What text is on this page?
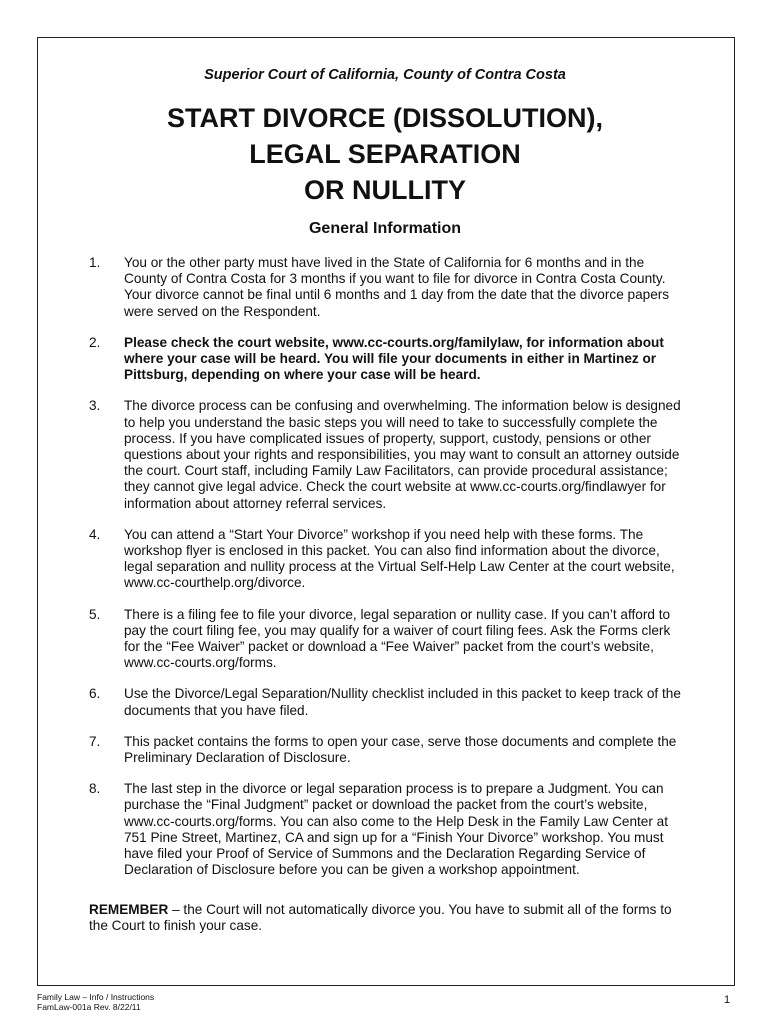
Superior Court of California, County of Contra Costa
START DIVORCE (DISSOLUTION),
LEGAL SEPARATION
OR NULLITY
General Information
1. You or the other party must have lived in the State of California for 6 months and in the County of Contra Costa for 3 months if you want to file for divorce in Contra Costa County. Your divorce cannot be final until 6 months and 1 day from the date that the divorce papers were served on the Respondent.
2. Please check the court website, www.cc-courts.org/familylaw, for information about where your case will be heard. You will file your documents in either in Martinez or Pittsburg, depending on where your case will be heard.
3. The divorce process can be confusing and overwhelming. The information below is designed to help you understand the basic steps you will need to take to successfully complete the process. If you have complicated issues of property, support, custody, pensions or other questions about your rights and responsibilities, you may want to consult an attorney outside the court. Court staff, including Family Law Facilitators, can provide procedural assistance; they cannot give legal advice. Check the court website at www.cc-courts.org/findlawyer for information about attorney referral services.
4. You can attend a “Start Your Divorce” workshop if you need help with these forms. The workshop flyer is enclosed in this packet. You can also find information about the divorce, legal separation and nullity process at the Virtual Self-Help Law Center at the court website, www.cc-courthelp.org/divorce.
5. There is a filing fee to file your divorce, legal separation or nullity case. If you can’t afford to pay the court filing fee, you may qualify for a waiver of court filing fees. Ask the Forms clerk for the “Fee Waiver” packet or download a “Fee Waiver” packet from the court’s website, www.cc-courts.org/forms.
6. Use the Divorce/Legal Separation/Nullity checklist included in this packet to keep track of the documents that you have filed.
7. This packet contains the forms to open your case, serve those documents and complete the Preliminary Declaration of Disclosure.
8. The last step in the divorce or legal separation process is to prepare a Judgment. You can purchase the “Final Judgment” packet or download the packet from the court’s website, www.cc-courts.org/forms. You can also come to the Help Desk in the Family Law Center at 751 Pine Street, Martinez, CA and sign up for a “Finish Your Divorce” workshop. You must have filed your Proof of Service of Summons and the Declaration Regarding Service of Declaration of Disclosure before you can be given a workshop appointment.

REMEMBER – the Court will not automatically divorce you. You have to submit all of the forms to the Court to finish your case.

Family Law – Info / Instructions
FamLaw-001a Rev. 8/22/11
1
